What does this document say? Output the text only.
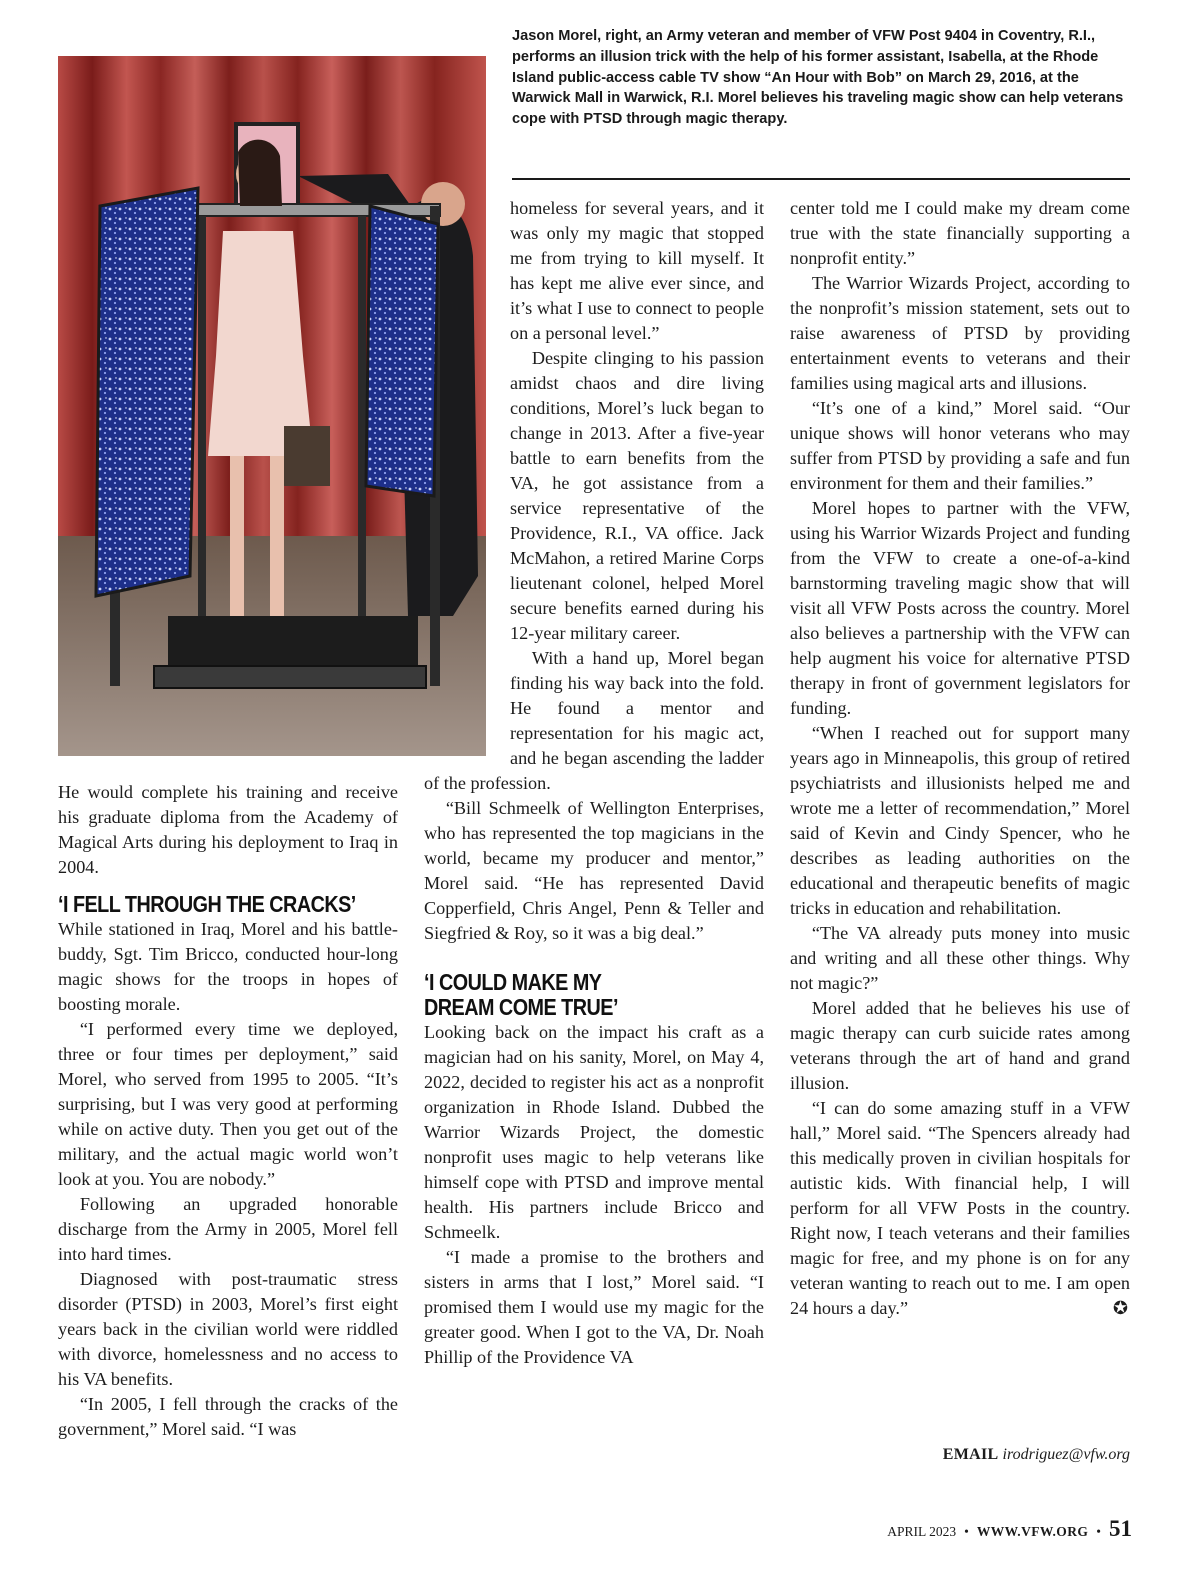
Jason Morel, right, an Army veteran and member of VFW Post 9404 in Coventry, R.I., performs an illusion trick with the help of his former assistant, Isabella, at the Rhode Island public-access cable TV show “An Hour with Bob” on March 29, 2016, at the Warwick Mall in Warwick, R.I. Morel believes his traveling magic show can help veterans cope with PTSD through magic therapy.

He would complete his training and receive his graduate diploma from the Academy of Magical Arts during his deployment to Iraq in 2004.

‘I FELL THROUGH THE CRACKS’

While stationed in Iraq, Morel and his battle-buddy, Sgt. Tim Bricco, conducted hour-long magic shows for the troops in hopes of boosting morale.

“I performed every time we deployed, three or four times per deployment,” said Morel, who served from 1995 to 2005. “It’s surprising, but I was very good at performing while on active duty. Then you get out of the military, and the actual magic world won’t look at you. You are nobody.”

Following an upgraded honorable discharge from the Army in 2005, Morel fell into hard times.

Diagnosed with post-traumatic stress disorder (PTSD) in 2003, Morel’s first eight years back in the civilian world were riddled with divorce, homelessness and no access to his VA benefits.

“In 2005, I fell through the cracks of the government,” Morel said. “I was

homeless for several years, and it was only my magic that stopped me from trying to kill myself. It has kept me alive ever since, and it’s what I use to connect to people on a personal level.”

Despite clinging to his passion amidst chaos and dire living conditions, Morel’s luck began to change in 2013. After a five-year battle to earn benefits from the VA, he got assistance from a service representative of the Providence, R.I., VA office. Jack McMahon, a retired Marine Corps lieutenant colonel, helped Morel secure benefits earned during his 12-year military career.

With a hand up, Morel began finding his way back into the fold. He found a mentor and representation for his magic act, and he began ascending the ladder of the profession.

“Bill Schmeelk of Wellington Enterprises, who has represented the top magicians in the world, became my producer and mentor,” Morel said. “He has represented David Copperfield, Chris Angel, Penn & Teller and Siegfried & Roy, so it was a big deal.”

‘I COULD MAKE MY
DREAM COME TRUE’

Looking back on the impact his craft as a magician had on his sanity, Morel, on May 4, 2022, decided to register his act as a nonprofit organization in Rhode Island. Dubbed the Warrior Wizards Project, the domestic nonprofit uses magic to help veterans like himself cope with PTSD and improve mental health. His partners include Bricco and Schmeelk.

“I made a promise to the brothers and sisters in arms that I lost,” Morel said. “I promised them I would use my magic for the greater good. When I got to the VA, Dr. Noah Phillip of the Providence VA

center told me I could make my dream come true with the state financially supporting a nonprofit entity.”

The Warrior Wizards Project, according to the nonprofit’s mission statement, sets out to raise awareness of PTSD by providing entertainment events to veterans and their families using magical arts and illusions.

“It’s one of a kind,” Morel said. “Our unique shows will honor veterans who may suffer from PTSD by providing a safe and fun environment for them and their families.”

Morel hopes to partner with the VFW, using his Warrior Wizards Project and funding from the VFW to create a one-of-a-kind barnstorming traveling magic show that will visit all VFW Posts across the country. Morel also believes a partnership with the VFW can help augment his voice for alternative PTSD therapy in front of government legislators for funding.

“When I reached out for support many years ago in Minneapolis, this group of retired psychiatrists and illusionists helped me and wrote me a letter of recommendation,” Morel said of Kevin and Cindy Spencer, who he describes as leading authorities on the educational and therapeutic benefits of magic tricks in education and rehabilitation.

“The VA already puts money into music and writing and all these other things. Why not magic?”

Morel added that he believes his use of magic therapy can curb suicide rates among veterans through the art of hand and grand illusion.

“I can do some amazing stuff in a VFW hall,” Morel said. “The Spencers already had this medically proven in civilian hospitals for autistic kids. With financial help, I will perform for all VFW Posts in the country. Right now, I teach veterans and their families magic for free, and my phone is on for any veteran wanting to reach out to me. I am open 24 hours a day.”	✪

EMAIL irodriguez@vfw.org
APRIL 2023 • WWW.VFW.ORG • 51
